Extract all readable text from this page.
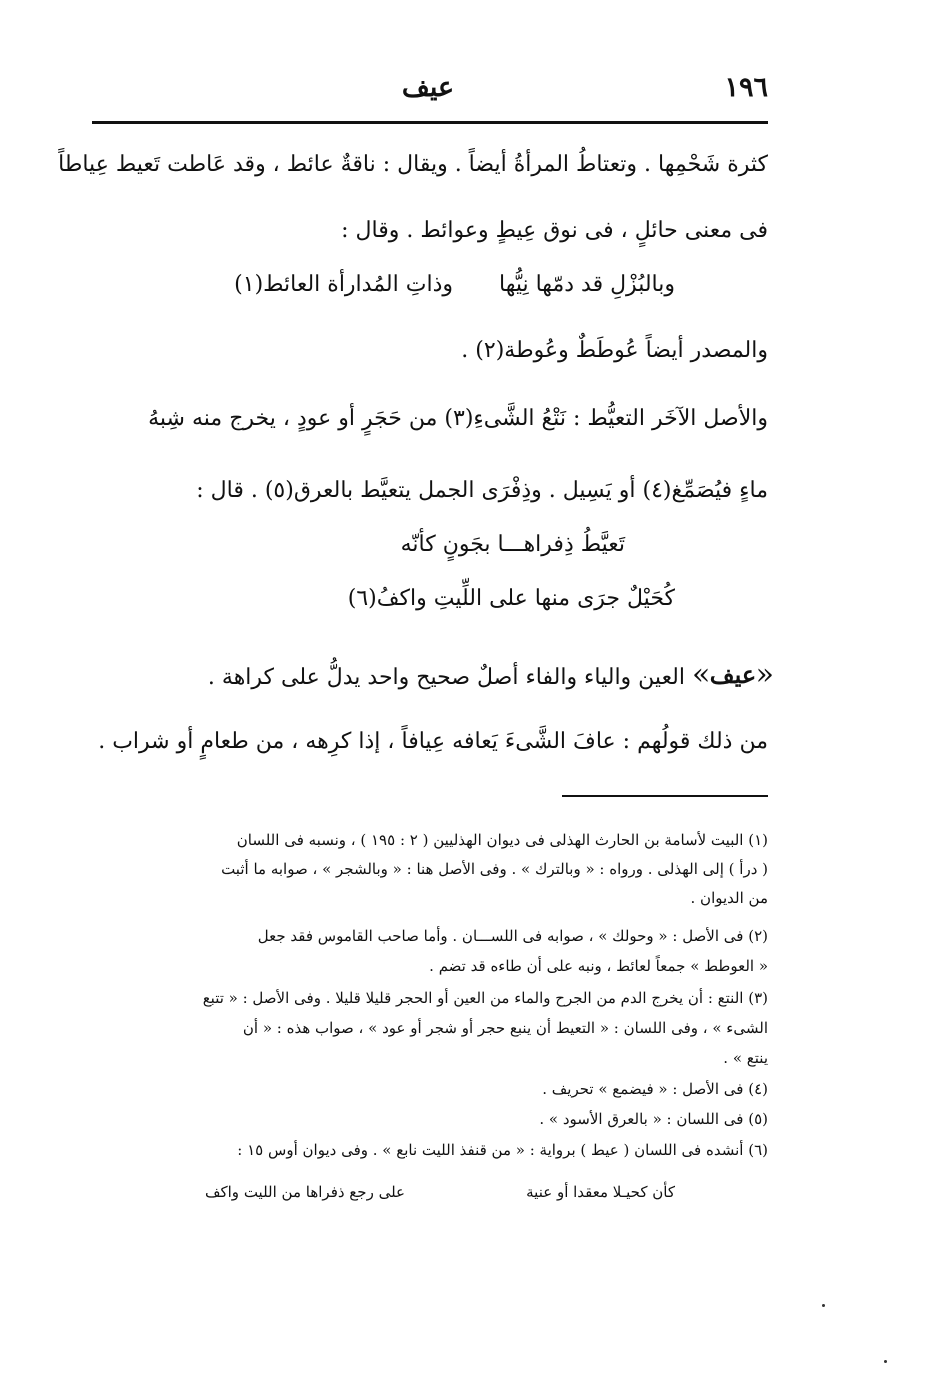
١٩٦
عيف
كثرة شَحْمِها . وتعتاطُ المرأةُ أيضاً . ويقال : ناقةٌ عائط ، وقد عَاطت تَعيط عِياطاً
فى معنى حائلٍ ، فى نوق عِيطٍ وعوائط . وقال :
وبالبُزْلِ قد دمّها نِيُّهاوذاتِ المُدارأة العائط(١)
والمصدر أيضاً عُوطَطٌ وعُوطة(٢) .
والأصل الآخَر التعيُّط : نَتْعُ الشَّىءِ(٣) من حَجَرٍ أو عودٍ ، يخرج منه شِبهُ
ماءٍ فيُصَمِّغ(٤) أو يَسِيل . وذِفْرَى الجمل يتعيَّط بالعرق(٥) . قال :
تَعيَّطُ ذِفراهـــا بجَونٍ كأنّه
كُحَيْلٌ جرَى منها على اللِّيتِ واكفُ(٦)
«
عيف
»
العين والياء والفاء أصلٌ صحيح واحد يدلُّ على كراهة .
من ذلك قولُهم : عافَ الشَّىءَ يَعافه عِيافاً ، إذا كرِهه ، من طعامٍ أو شراب .
(١) البيت لأسامة بن الحارث الهذلى فى ديوان الهذليين ( ٢ : ١٩٥ ) ، ونسبه فى اللسان
( درأ ) إلى الهذلى . ورواه : « وبالترك » . وفى الأصل هنا : « وبالشجر » ، صوابه ما أثبت
من الديوان .
(٢) فى الأصل : « وحولك » ، صوابه فى اللســـان . وأما صاحب القاموس فقد جعل
« العوطط » جمعاً لعائط ، ونبه على أن طاءه قد تضم .
(٣) النتع : أن يخرج الدم من الجرح والماء من العين أو الحجر قليلا قليلا . وفى الأصل : « تتبع
الشىء » ، وفى اللسان : « التعيط أن ينبع حجر أو شجر أو عود » ، صواب هذه : « أن
ينتع » .
(٤) فى الأصل : « فيضمع » تحريف .
(٥) فى اللسان : « بالعرق الأسود » .
(٦) أنشده فى اللسان ( عيط ) برواية : « من قنفذ الليت نابع » . وفى ديوان أوس ١٥ :
كأن كحيـلا معقدا أو عنية
على رجع ذفراها من الليت واكف
